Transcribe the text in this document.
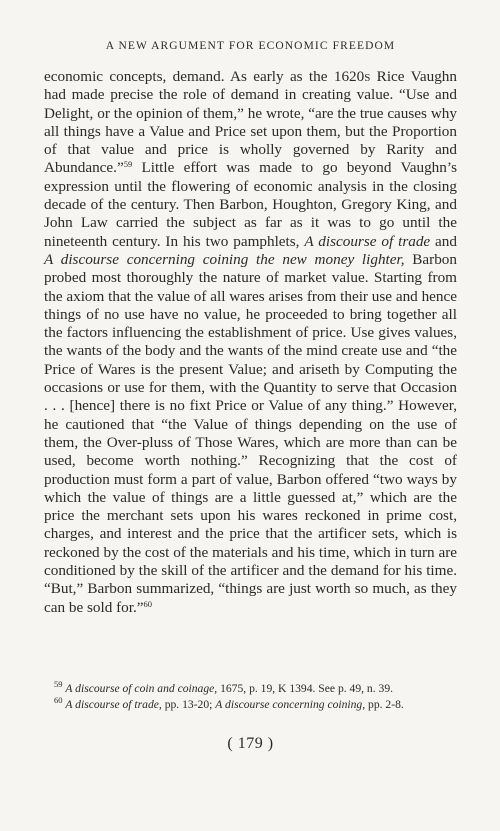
A NEW ARGUMENT FOR ECONOMIC FREEDOM

economic concepts, demand. As early as the 1620s Rice Vaughn had made precise the role of demand in creating value. “Use and Delight, or the opinion of them,” he wrote, “are the true causes why all things have a Value and Price set upon them, but the Proportion of that value and price is wholly governed by Rarity and Abundance.”$^{59}$ Little effort was made to go beyond Vaughn’s expression until the flowering of economic analysis in the closing decade of the century. Then Barbon, Houghton, Gregory King, and John Law carried the subject as far as it was to go until the nineteenth century. In his two pamphlets, A discourse of trade and A discourse concerning coining the new money lighter, Barbon probed most thoroughly the nature of market value. Starting from the axiom that the value of all wares arises from their use and hence things of no use have no value, he proceeded to bring together all the factors influencing the establishment of price. Use gives values, the wants of the body and the wants of the mind create use and “the Price of Wares is the present Value; and ariseth by Computing the occasions or use for them, with the Quantity to serve that Occasion . . . [hence] there is no fixt Price or Value of any thing.” However, he cautioned that “the Value of things depending on the use of them, the Over-pluss of Those Wares, which are more than can be used, become worth nothing.” Recognizing that the cost of production must form a part of value, Barbon offered “two ways by which the value of things are a little guessed at,” which are the price the merchant sets upon his wares reckoned in prime cost, charges, and interest and the price that the artificer sets, which is reckoned by the cost of the materials and his time, which in turn are conditioned by the skill of the artificer and the demand for his time. “But,” Barbon summarized, “things are just worth so much, as they can be sold for.”$^{60}$

$^{59}$ A discourse of coin and coinage, 1675, p. 19, K 1394. See p. 49, n. 39.

$^{60}$ A discourse of trade, pp. 13-20; A discourse concerning coining, pp. 2-8.

( 179 )
